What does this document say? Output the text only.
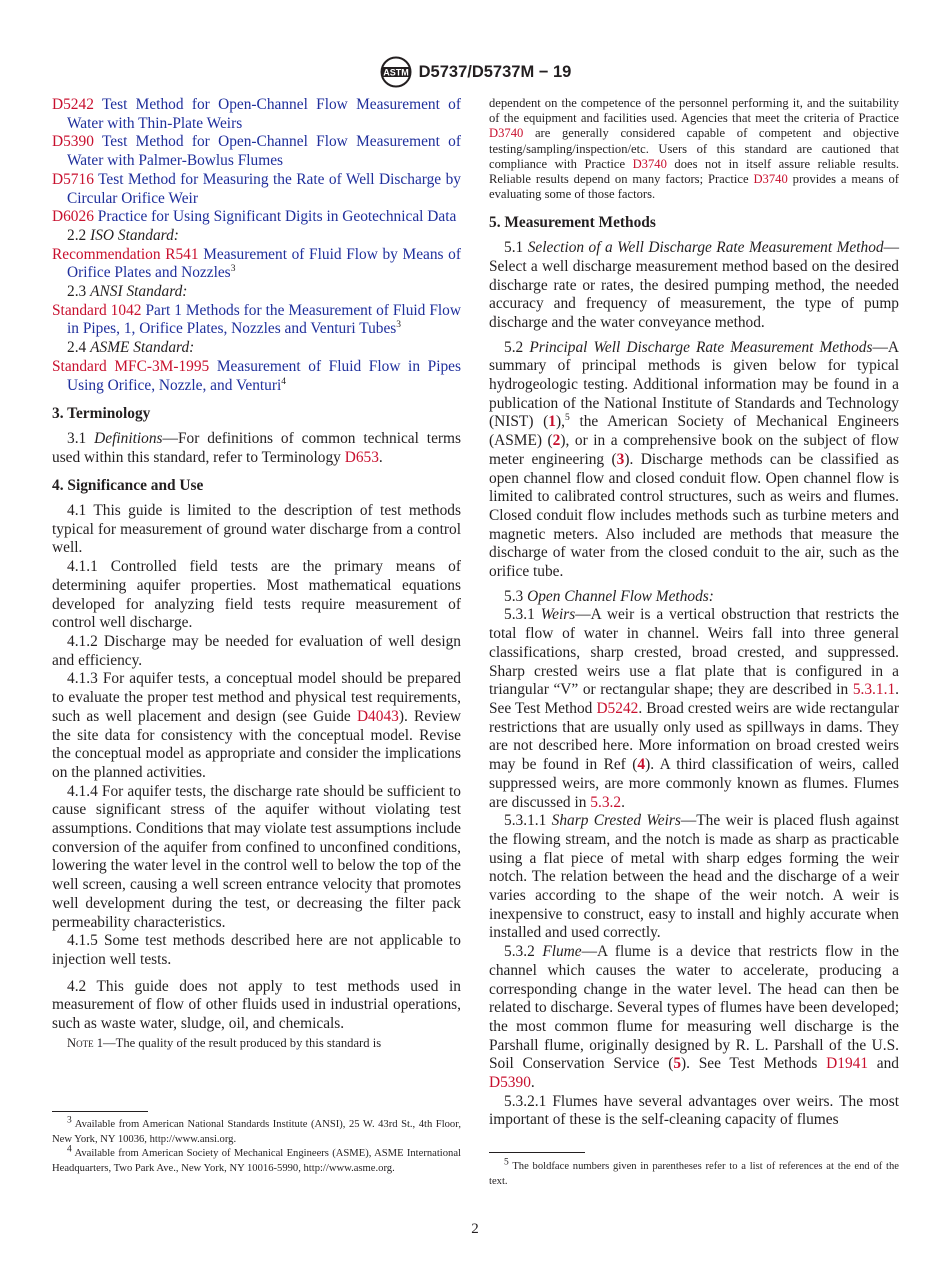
ASTM D5737/D5737M − 19

D5242 Test Method for Open-Channel Flow Measurement of Water with Thin-Plate Weirs

D5390 Test Method for Open-Channel Flow Measurement of Water with Palmer-Bowlus Flumes

D5716 Test Method for Measuring the Rate of Well Discharge by Circular Orifice Weir

D6026 Practice for Using Significant Digits in Geotechnical Data

2.2 ISO Standard:

Recommendation R541 Measurement of Fluid Flow by Means of Orifice Plates and Nozzles$^3$

2.3 ANSI Standard:

Standard 1042 Part 1 Methods for the Measurement of Fluid Flow in Pipes, 1, Orifice Plates, Nozzles and Venturi Tubes$^3$

2.4 ASME Standard:

Standard MFC-3M-1995 Measurement of Fluid Flow in Pipes Using Orifice, Nozzle, and Venturi$^4$

3. Terminology

3.1 Definitions—For definitions of common technical terms used within this standard, refer to Terminology D653.

4. Significance and Use

4.1 This guide is limited to the description of test methods typical for measurement of ground water discharge from a control well.

4.1.1 Controlled field tests are the primary means of determining aquifer properties. Most mathematical equations developed for analyzing field tests require measurement of control well discharge.

4.1.2 Discharge may be needed for evaluation of well design and efficiency.

4.1.3 For aquifer tests, a conceptual model should be prepared to evaluate the proper test method and physical test requirements, such as well placement and design (see Guide D4043). Review the site data for consistency with the conceptual model. Revise the conceptual model as appropriate and consider the implications on the planned activities.

4.1.4 For aquifer tests, the discharge rate should be sufficient to cause significant stress of the aquifer without violating test assumptions. Conditions that may violate test assumptions include conversion of the aquifer from confined to unconfined conditions, lowering the water level in the control well to below the top of the well screen, causing a well screen entrance velocity that promotes well development during the test, or decreasing the filter pack permeability characteristics.

4.1.5 Some test methods described here are not applicable to injection well tests.

4.2 This guide does not apply to test methods used in measurement of flow of other fluids used in industrial operations, such as waste water, sludge, oil, and chemicals.

Note 1—The quality of the result produced by this standard is

$^3$ Available from American National Standards Institute (ANSI), 25 W. 43rd St., 4th Floor, New York, NY 10036, http://www.ansi.org.

$^4$ Available from American Society of Mechanical Engineers (ASME), ASME International Headquarters, Two Park Ave., New York, NY 10016-5990, http://www.asme.org.

dependent on the competence of the personnel performing it, and the suitability of the equipment and facilities used. Agencies that meet the criteria of Practice D3740 are generally considered capable of competent and objective testing/sampling/inspection/etc. Users of this standard are cautioned that compliance with Practice D3740 does not in itself assure reliable results. Reliable results depend on many factors; Practice D3740 provides a means of evaluating some of those factors.

5. Measurement Methods

5.1 Selection of a Well Discharge Rate Measurement Method—Select a well discharge measurement method based on the desired discharge rate or rates, the desired pumping method, the needed accuracy and frequency of measurement, the type of pump discharge and the water conveyance method.

5.2 Principal Well Discharge Rate Measurement Methods—A summary of principal methods is given below for typical hydrogeologic testing. Additional information may be found in a publication of the National Institute of Standards and Technology (NIST) (1),$^5$ the American Society of Mechanical Engineers (ASME) (2), or in a comprehensive book on the subject of flow meter engineering (3). Discharge methods can be classified as open channel flow and closed conduit flow. Open channel flow is limited to calibrated control structures, such as weirs and flumes. Closed conduit flow includes methods such as turbine meters and magnetic meters. Also included are methods that measure the discharge of water from the closed conduit to the air, such as the orifice tube.

5.3 Open Channel Flow Methods:

5.3.1 Weirs—A weir is a vertical obstruction that restricts the total flow of water in channel. Weirs fall into three general classifications, sharp crested, broad crested, and suppressed. Sharp crested weirs use a flat plate that is configured in a triangular “V” or rectangular shape; they are described in 5.3.1.1. See Test Method D5242. Broad crested weirs are wide rectangular restrictions that are usually only used as spillways in dams. They are not described here. More information on broad crested weirs may be found in Ref (4). A third classification of weirs, called suppressed weirs, are more commonly known as flumes. Flumes are discussed in 5.3.2.

5.3.1.1 Sharp Crested Weirs—The weir is placed flush against the flowing stream, and the notch is made as sharp as practicable using a flat piece of metal with sharp edges forming the weir notch. The relation between the head and the discharge of a weir varies according to the shape of the weir notch. A weir is inexpensive to construct, easy to install and highly accurate when installed and used correctly.

5.3.2 Flume—A flume is a device that restricts flow in the channel which causes the water to accelerate, producing a corresponding change in the water level. The head can then be related to discharge. Several types of flumes have been developed; the most common flume for measuring well discharge is the Parshall flume, originally designed by R. L. Parshall of the U.S. Soil Conservation Service (5). See Test Methods D1941 and D5390.

5.3.2.1 Flumes have several advantages over weirs. The most important of these is the self-cleaning capacity of flumes

$^5$ The boldface numbers given in parentheses refer to a list of references at the end of the text.

2
